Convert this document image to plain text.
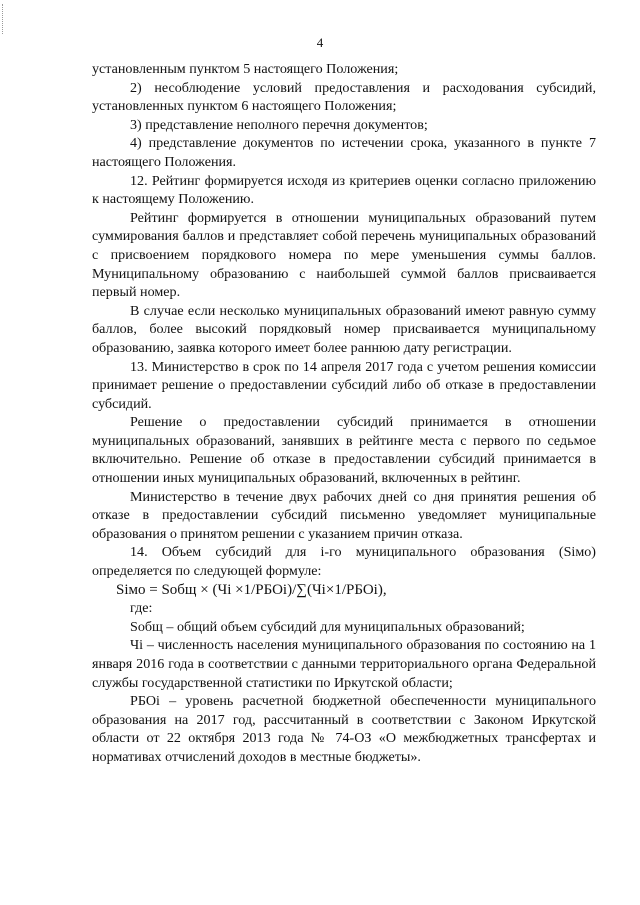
4

установленным пунктом 5 настоящего Положения;

2) несоблюдение условий предоставления и расходования субсидий, установленных пунктом 6 настоящего Положения;

3) представление неполного перечня документов;

4) представление документов по истечении срока, указанного в пункте 7 настоящего Положения.

12. Рейтинг формируется исходя из критериев оценки согласно приложению к настоящему Положению.

Рейтинг формируется в отношении муниципальных образований путем суммирования баллов и представляет собой перечень муниципальных образований с присвоением порядкового номера по мере уменьшения суммы баллов. Муниципальному образованию с наибольшей суммой баллов присваивается первый номер.

В случае если несколько муниципальных образований имеют равную сумму баллов, более высокий порядковый номер присваивается муниципальному образованию, заявка которого имеет более раннюю дату регистрации.

13. Министерство в срок по 14 апреля 2017 года с учетом решения комиссии принимает решение о предоставлении субсидий либо об отказе в предоставлении субсидий.

Решение о предоставлении субсидий принимается в отношении муниципальных образований, занявших в рейтинге места с первого по седьмое включительно. Решение об отказе в предоставлении субсидий принимается в отношении иных муниципальных образований, включенных в рейтинг.

Министерство в течение двух рабочих дней со дня принятия решения об отказе в предоставлении субсидий письменно уведомляет муниципальные образования о принятом решении с указанием причин отказа.

14. Объем субсидий для i-го муниципального образования (Siмо) определяется по следующей формуле:

Siмо = Sобщ × (Чi ×1/РБОi)/∑(Чi×1/РБОi),

где:

Sобщ – общий объем субсидий для муниципальных образований;

Чi – численность населения муниципального образования по состоянию на 1 января 2016 года в соответствии с данными территориального органа Федеральной службы государственной статистики по Иркутской области;

РБОi – уровень расчетной бюджетной обеспеченности муниципального образования на 2017 год, рассчитанный в соответствии с Законом Иркутской области от 22 октября 2013 года № 74-ОЗ «О межбюджетных трансфертах и нормативах отчислений доходов в местные бюджеты».
